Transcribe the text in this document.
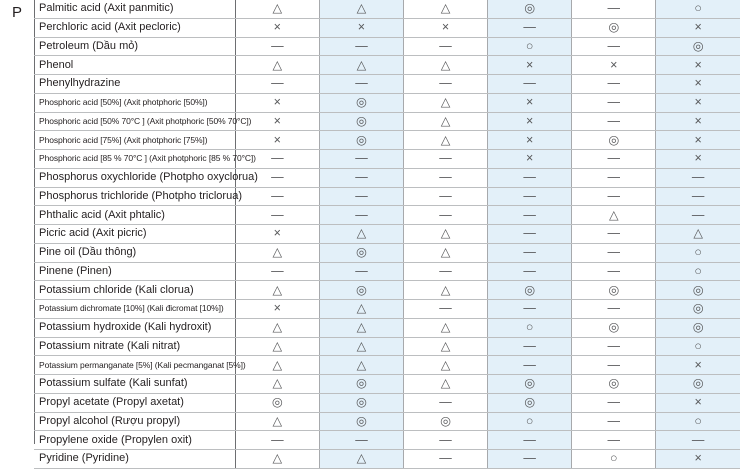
P	Palmitic acid (Axit panmitic)	△	△	△	◎	—	○
Perchloric acid (Axit pecloric)	×	×	×	—	◎	×
Petroleum (Dầu mỏ)	—	—	—	○	—	◎
Phenol	△	△	△	×	×	×
Phenylhydrazine	—	—	—	—	—	×
Phosphoric acid [50%] (Axit photphoric [50%])	×	◎	△	×	—	×
Phosphoric acid [50% 70°C ] (Axit photphoric [50% 70°C])	×	◎	△	×	—	×
Phosphoric acid [75%] (Axit photphoric [75%])	×	◎	△	×	◎	×
Phosphoric acid [85 % 70°C ] (Axit photphoric [85 % 70°C])	—	—	—	×	—	×
Phosphorus oxychloride (Photpho oxyclorua)	—	—	—	—	—	—
Phosphorus trichloride (Photpho triclorua)	—	—	—	—	—	—
Phthalic acid (Axit phtalic)	—	—	—	—	△	—
Picric acid (Axit picric)	×	△	△	—	—	△
Pine oil (Dầu thông)	△	◎	△	—	—	○
Pinene (Pinen)	—	—	—	—	—	○
Potassium chloride (Kali clorua)	△	◎	△	◎	◎	◎
Potassium dichromate [10%] (Kali đicromat [10%])	×	△	—	—	—	◎
Potassium hydroxide (Kali hydroxit)	△	△	△	○	◎	◎
Potassium nitrate (Kali nitrat)	△	△	△	—	—	○
Potassium permanganate [5%] (Kali pecmanganat [5%])	△	△	△	—	—	×
Potassium sulfate (Kali sunfat)	△	◎	△	◎	◎	◎
Propyl acetate (Propyl axetat)	◎	◎	—	◎	—	×
Propyl alcohol (Rượu propyl)	△	◎	◎	○	—	○
Propylene oxide (Propylen oxit)	—	—	—	—	—	—
Pyridine (Pyridine)	△	△	—	—	○	×
